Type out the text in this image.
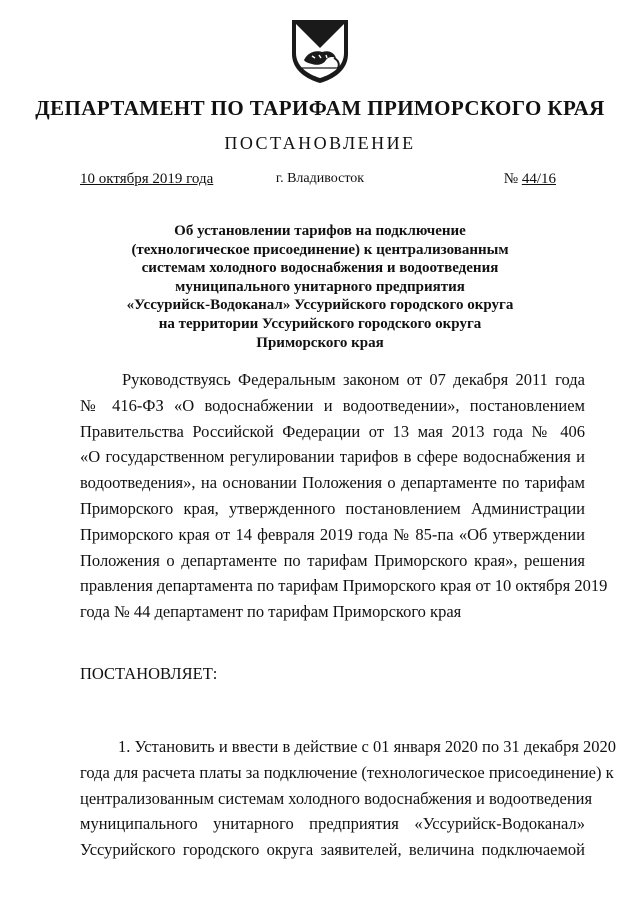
ДЕПАРТАМЕНТ ПО ТАРИФАМ ПРИМОРСКОГО КРАЯ
ПОСТАНОВЛЕНИЕ
10 октября 2019 года	г. Владивосток	№ 44/16
Об установлении тарифов на подключение
(технологическое присоединение) к централизованным
системам холодного водоснабжения и водоотведения
муниципального унитарного предприятия
«Уссурийск-Водоканал» Уссурийского городского округа
на территории Уссурийского городского округа
Приморского края
Руководствуясь Федеральным законом от 07 декабря 2011 года
№ 416-ФЗ «О водоснабжении и водоотведении», постановлением
Правительства Российской Федерации от 13 мая 2013 года № 406
«О государственном регулировании тарифов в сфере водоснабжения и
водоотведения», на основании Положения о департаменте по тарифам
Приморского края, утвержденного постановлением Администрации
Приморского края от 14 февраля 2019 года № 85-па «Об утверждении
Положения о департаменте по тарифам Приморского края», решения
правления департамента по тарифам Приморского края от 10 октября 2019
года № 44 департамент по тарифам Приморского края
ПОСТАНОВЛЯЕТ:
1. Установить и ввести в действие с 01 января 2020 по 31 декабря 2020
года для расчета платы за подключение (технологическое присоединение) к
централизованным системам холодного водоснабжения и водоотведения
муниципального унитарного предприятия «Уссурийск-Водоканал»
Уссурийского городского округа заявителей, величина подключаемой
